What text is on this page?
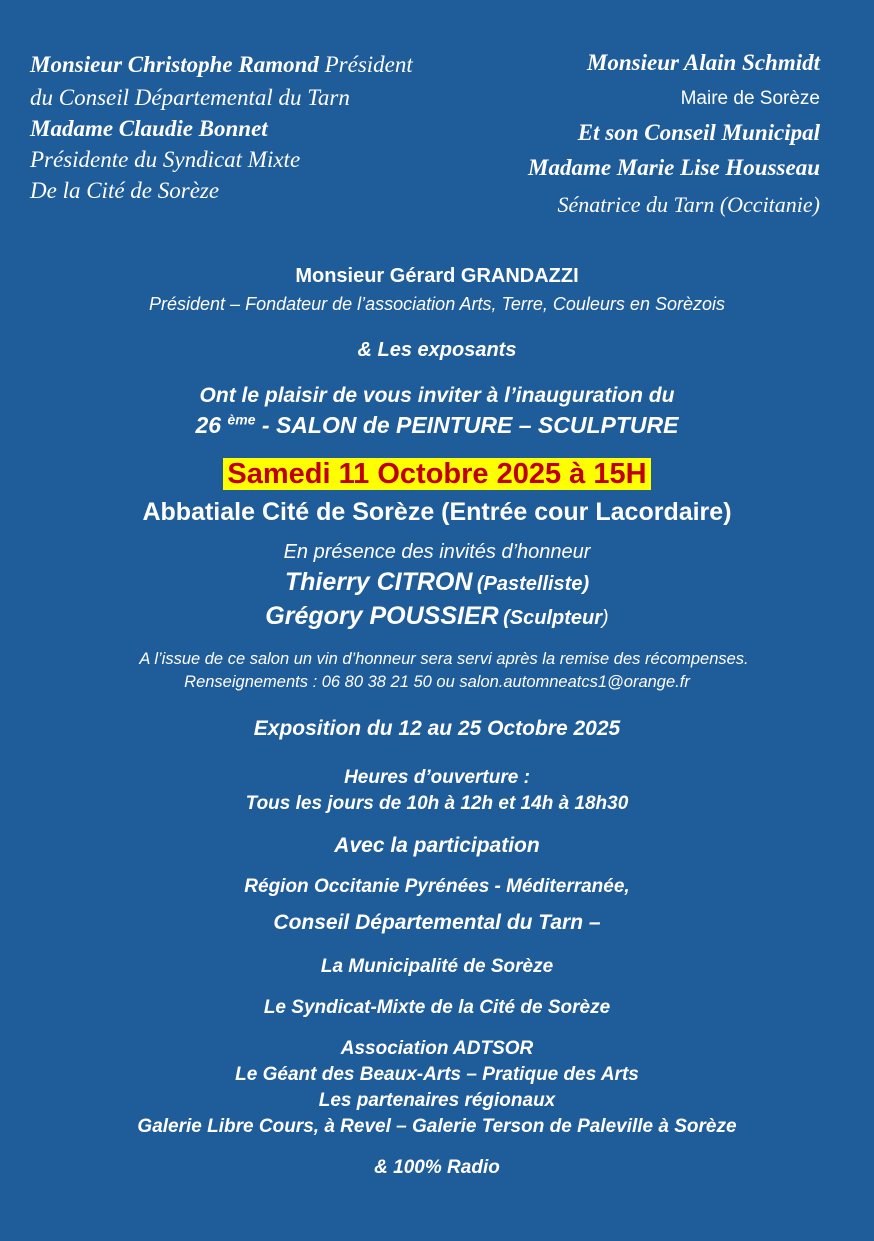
Monsieur Christophe Ramond Président
du Conseil Départemental du Tarn
Madame Claudie Bonnet
Présidente du Syndicat Mixte
De la Cité de Sorèze
Monsieur Alain Schmidt
Maire de Sorèze
Et son Conseil Municipal
Madame Marie Lise Housseau
Sénatrice du Tarn (Occitanie)
Monsieur Gérard GRANDAZZI
Président – Fondateur de l’association Arts, Terre, Couleurs en Sorèzois
& Les exposants
Ont le plaisir de vous inviter à l’inauguration du
26 $^{ème}$ - SALON de PEINTURE – SCULPTURE
Samedi 11 Octobre 2025 à 15H
Abbatiale Cité de Sorèze (Entrée cour Lacordaire)
En présence des invités d’honneur
Thierry CITRON (Pastelliste)
Grégory POUSSIER (Sculpteur)
A l’issue de ce salon un vin d’honneur sera servi après la remise des récompenses.
Renseignements : 06 80 38 21 50 ou salon.automneatcs1@orange.fr
Exposition du 12 au 25 Octobre 2025
Heures d’ouverture :
Tous les jours de 10h à 12h et 14h à 18h30
Avec la participation
Région Occitanie Pyrénées - Méditerranée,
Conseil Départemental du Tarn –
La Municipalité de Sorèze
Le Syndicat-Mixte de la Cité de Sorèze
Association ADTSOR
Le Géant des Beaux-Arts – Pratique des Arts
Les partenaires régionaux
Galerie Libre Cours, à Revel – Galerie Terson de Paleville à Sorèze
& 100% Radio
